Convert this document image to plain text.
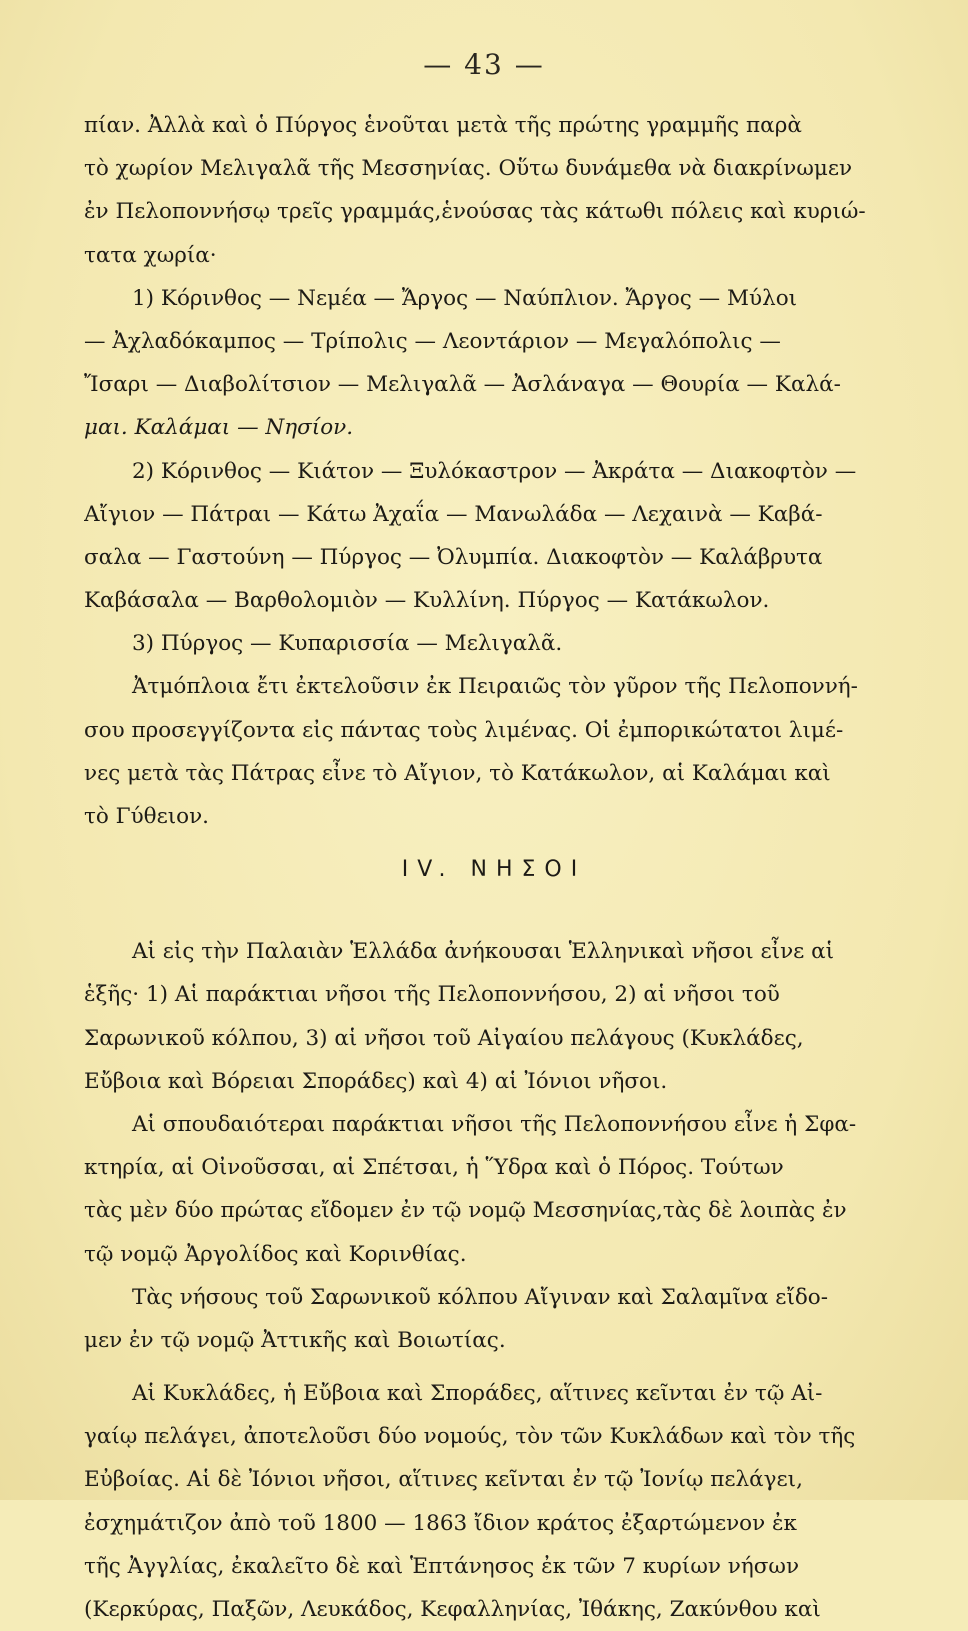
— 43 —
πίαν. Ἀλλὰ καὶ ὁ Πύργος ἑνοῦται μετὰ τῆς πρώτης γραμμῆς παρὰ
τὸ χωρίον Μελιγαλᾶ τῆς Μεσσηνίας. Οὕτω δυνάμεθα νὰ διακρίνωμεν
ἐν Πελοποννήσῳ τρεῖς γραμμάς,ἑνούσας τὰς κάτωθι πόλεις καὶ κυριώ-
τατα χωρία·
1) Κόρινθος — Νεμέα — Ἄργος — Ναύπλιον. Ἄργος — Μύλοι
— Ἀχλαδόκαμπος — Τρίπολις — Λεοντάριον — Μεγαλόπολις —
Ἴσαρι — Διαβολίτσιον — Μελιγαλᾶ — Ἀσλάναγα — Θουρία — Καλά-
μαι. Καλάμαι — Νησίον.
2) Κόρινθος — Κιάτον — Ξυλόκαστρον — Ἀκράτα — Διακοφτὸν —
Αἴγιον — Πάτραι — Κάτω Ἀχαΐα — Μανωλάδα — Λεχαινὰ — Καβά-
σαλα — Γαστούνη — Πύργος — Ὀλυμπία. Διακοφτὸν — Καλάβρυτα
Καβάσαλα — Βαρθολομιὸν — Κυλλίνη. Πύργος — Κατάκωλον.
3) Πύργος — Κυπαρισσία — Μελιγαλᾶ.
Ἀτμόπλοια ἔτι ἐκτελοῦσιν ἐκ Πειραιῶς τὸν γῦρον τῆς Πελοποννή-
σου προσεγγίζοντα εἰς πάντας τοὺς λιμένας. Οἱ ἐμπορικώτατοι λιμέ-
νες μετὰ τὰς Πάτρας εἶνε τὸ Αἴγιον, τὸ Κατάκωλον, αἱ Καλάμαι καὶ
τὸ Γύθειον.
IV. ΝΗΣΟΙ
Αἱ εἰς τὴν Παλαιὰν Ἑλλάδα ἀνήκουσαι Ἑλληνικαὶ νῆσοι εἶνε αἱ
ἑξῆς· 1) Αἱ παράκτιαι νῆσοι τῆς Πελοποννήσου, 2) αἱ νῆσοι τοῦ
Σαρωνικοῦ κόλπου, 3) αἱ νῆσοι τοῦ Αἰγαίου πελάγους (Κυκλάδες,
Εὔβοια καὶ Βόρειαι Σποράδες) καὶ 4) αἱ Ἰόνιοι νῆσοι.
Αἱ σπουδαιότεραι παράκτιαι νῆσοι τῆς Πελοποννήσου εἶνε ἡ Σφα-
κτηρία, αἱ Οἰνοῦσσαι, αἱ Σπέτσαι, ἡ Ὕδρα καὶ ὁ Πόρος. Τούτων
τὰς μὲν δύο πρώτας εἴδομεν ἐν τῷ νομῷ Μεσσηνίας,τὰς δὲ λοιπὰς ἐν
τῷ νομῷ Ἀργολίδος καὶ Κορινθίας.
Τὰς νήσους τοῦ Σαρωνικοῦ κόλπου Αἴγιναν καὶ Σαλαμῖνα εἴδο-
μεν ἐν τῷ νομῷ Ἀττικῆς καὶ Βοιωτίας.
Αἱ Κυκλάδες, ἡ Εὔβοια καὶ Σποράδες, αἵτινες κεῖνται ἐν τῷ Αἰ-
γαίῳ πελάγει, ἀποτελοῦσι δύο νομούς, τὸν τῶν Κυκλάδων καὶ τὸν τῆς
Εὐβοίας. Αἱ δὲ Ἰόνιοι νῆσοι, αἵτινες κεῖνται ἐν τῷ Ἰονίῳ πελάγει,
ἐσχημάτιζον ἀπὸ τοῦ 1800 — 1863 ἴδιον κράτος ἐξαρτώμενον ἐκ
τῆς Ἀγγλίας, ἐκαλεῖτο δὲ καὶ Ἑπτάνησος ἐκ τῶν 7 κυρίων νήσων
(Κερκύρας, Παξῶν, Λευκάδος, Κεφαλληνίας, Ἰθάκης, Ζακύνθου καὶ
